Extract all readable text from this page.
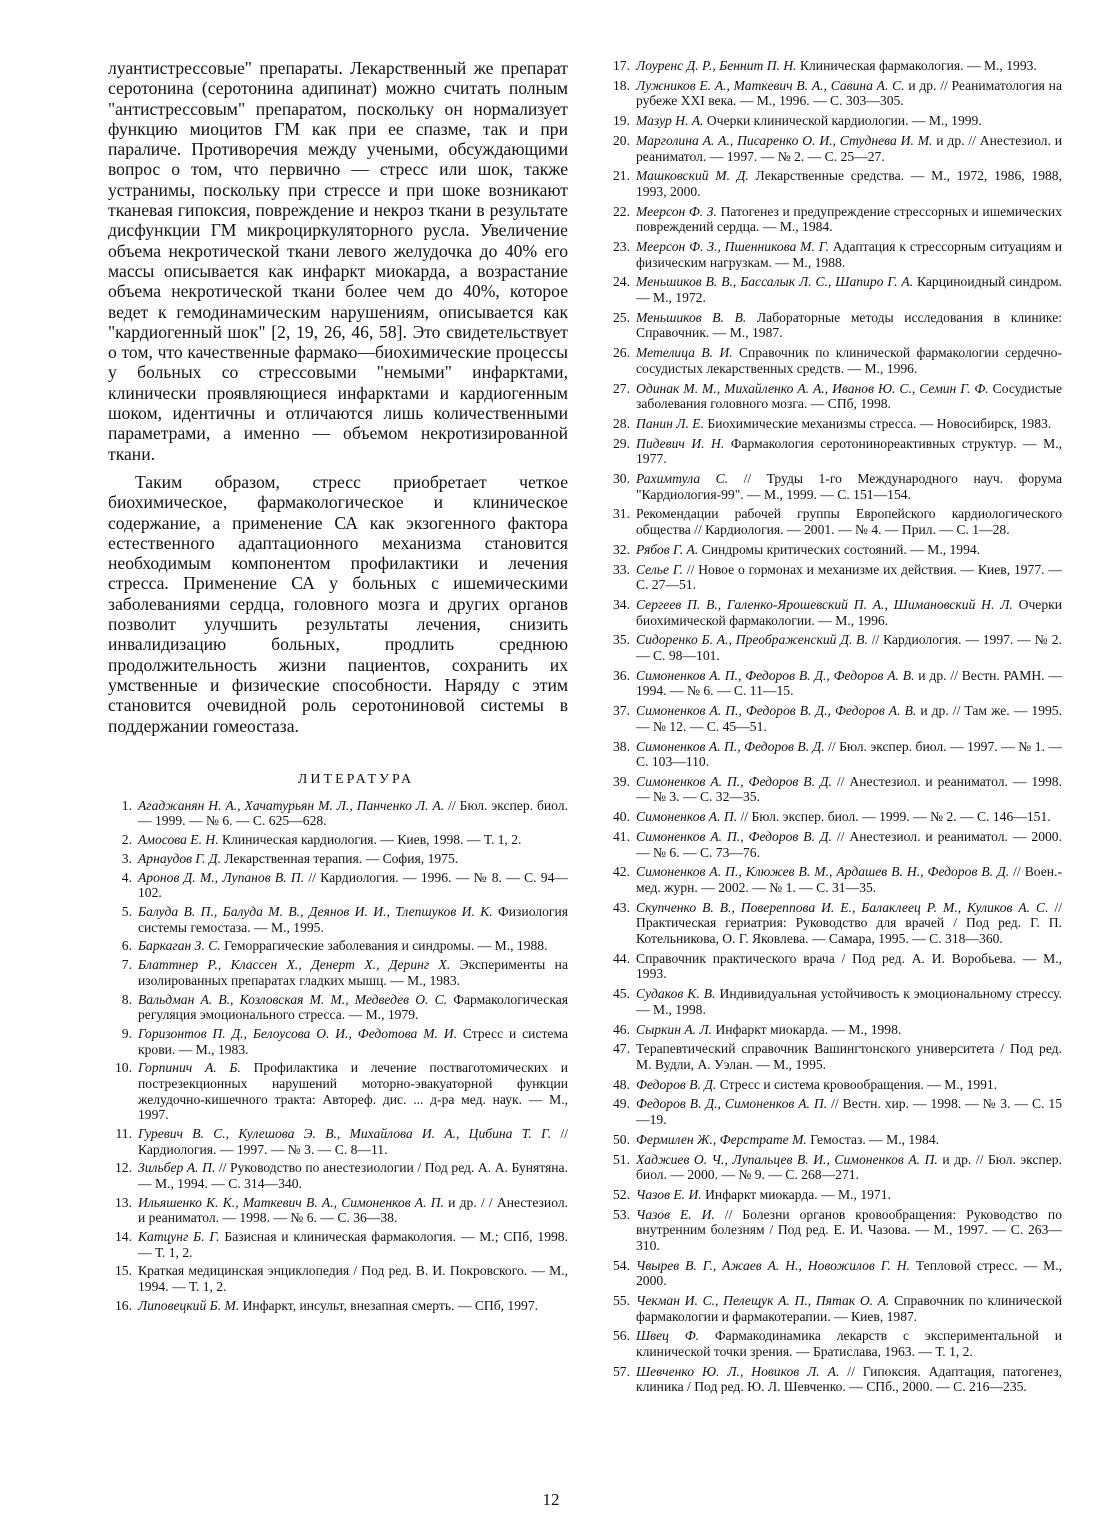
луантистрессовые" препараты. Лекарственный же препарат серотонина (серотонина адипинат) можно считать полным "антистрессовым" препаратом, поскольку он нормализует функцию миоцитов ГМ как при ее спазме, так и при параличе. Противоречия между учеными, обсуждающими вопрос о том, что первично — стресс или шок, также устранимы, поскольку при стрессе и при шоке возникают тканевая гипоксия, повреждение и некроз ткани в результате дисфункции ГМ микроциркуляторного русла. Увеличение объема некротической ткани левого желудочка до 40% его массы описывается как инфаркт миокарда, а возрастание объема некротической ткани более чем до 40%, которое ведет к гемодинамическим нарушениям, описывается как "кардиогенный шок" [2, 19, 26, 46, 58]. Это свидетельствует о том, что качественные фармако—биохимические процессы у больных со стрессовыми "немыми" инфарктами, клинически проявляющиеся инфарктами и кардиогенным шоком, идентичны и отличаются лишь количественными параметрами, а именно — объемом некротизированной ткани.

Таким образом, стресс приобретает четкое биохимическое, фармакологическое и клиническое содержание, а применение СА как экзогенного фактора естественного адаптационного механизма становится необходимым компонентом профилактики и лечения стресса. Применение СА у больных с ишемическими заболеваниями сердца, головного мозга и других органов позволит улучшить результаты лечения, снизить инвалидизацию больных, продлить среднюю продолжительность жизни пациентов, сохранить их умственные и физические способности. Наряду с этим становится очевидной роль серотониновой системы в поддержании гомеостаза.

ЛИТЕРАТУРА
1. Агаджанян Н. А., Хачатурьян М. Л., Панченко Л. А. // Бюл. экспер. биол. — 1999. — № 6. — С. 625—628.
2. Амосова Е. Н. Клиническая кардиология. — Киев, 1998. — Т. 1, 2.
3. Арнаудов Г. Д. Лекарственная терапия. — София, 1975.
4. Аронов Д. М., Лупанов В. П. // Кардиология. — 1996. — № 8. — С. 94—102.
5. Балуда В. П., Балуда М. В., Деянов И. И., Тлепшуков И. К. Физиология системы гемостаза. — М., 1995.
6. Баркаган З. С. Геморрагические заболевания и синдромы. — М., 1988.
7. Блаттнер Р., Классен Х., Денерт Х., Деринг Х. Эксперименты на изолированных препаратах гладких мышц. — М., 1983.
8. Вальдман А. В., Козловская М. М., Медведев О. С. Фармакологическая регуляция эмоционального стресса. — М., 1979.
9. Горизонтов П. Д., Белоусова О. И., Федотова М. И. Стресс и система крови. — М., 1983.
10. Горпинич А. Б. Профилактика и лечение постваготомических и пострезекционных нарушений моторно-эвакуаторной функции желудочно-кишечного тракта: Автореф. дис. ... д-ра мед. наук. — М., 1997.
11. Гуревич В. С., Кулешова Э. В., Михайлова И. А., Цибина Т. Г. // Кардиология. — 1997. — № 3. — С. 8—11.
12. Зильбер А. П. // Руководство по анестезиологии / Под ред. А. А. Бунятяна. — М., 1994. — С. 314—340.
13. Ильяшенко К. К., Маткевич В. А., Симоненков А. П. и др. / / Анестезиол. и реаниматол. — 1998. — № 6. — С. 36—38.
14. Катцунг Б. Г. Базисная и клиническая фармакология. — М.; СПб, 1998. — Т. 1, 2.
15. Краткая медицинская энциклопедия / Под ред. В. И. Покровского. — М., 1994. — Т. 1, 2.
16. Липовецкий Б. М. Инфаркт, инсульт, внезапная смерть. — СПб, 1997.
17. Лоуренс Д. Р., Беннит П. Н. Клиническая фармакология. — М., 1993.
18. Лужников Е. А., Маткевич В. А., Савина А. С. и др. // Реаниматология на рубеже XXI века. — М., 1996. — С. 303—305.
19. Мазур Н. А. Очерки клинической кардиологии. — М., 1999.
20. Марголина А. А., Писаренко О. И., Студнева И. М. и др. // Анестезиол. и реаниматол. — 1997. — № 2. — С. 25—27.
21. Машковский М. Д. Лекарственные средства. — М., 1972, 1986, 1988, 1993, 2000.
22. Меерсон Ф. З. Патогенез и предупреждение стрессорных и ишемических повреждений сердца. — М., 1984.
23. Меерсон Ф. З., Пшенникова М. Г. Адаптация к стрессорным ситуациям и физическим нагрузкам. — М., 1988.
24. Меньшиков В. В., Бассалык Л. С., Шапиро Г. А. Карциноидный синдром. — М., 1972.
25. Меньшиков В. В. Лабораторные методы исследования в клинике: Справочник. — М., 1987.
26. Метелица В. И. Справочник по клинической фармакологии сердечно-сосудистых лекарственных средств. — М., 1996.
27. Одинак М. М., Михайленко А. А., Иванов Ю. С., Семин Г. Ф. Сосудистые заболевания головного мозга. — СПб, 1998.
28. Панин Л. Е. Биохимические механизмы стресса. — Новосибирск, 1983.
29. Пидевич И. Н. Фармакология серотонинореактивных структур. — М., 1977.
30. Рахимтула С. // Труды 1-го Международного науч. форума "Кардиология-99". — М., 1999. — С. 151—154.
31. Рекомендации рабочей группы Европейского кардиологического общества // Кардиология. — 2001. — № 4. — Прил. — С. 1—28.
32. Рябов Г. А. Синдромы критических состояний. — М., 1994.
33. Селье Г. // Новое о гормонах и механизме их действия. — Киев, 1977. — С. 27—51.
34. Сергеев П. В., Галенко-Ярошевский П. А., Шимановский Н. Л. Очерки биохимической фармакологии. — М., 1996.
35. Сидоренко Б. А., Преображенский Д. В. // Кардиология. — 1997. — № 2. — С. 98—101.
36. Симоненков А. П., Федоров В. Д., Федоров А. В. и др. // Вестн. РАМН. — 1994. — № 6. — С. 11—15.
37. Симоненков А. П., Федоров В. Д., Федоров А. В. и др. // Там же. — 1995. — № 12. — С. 45—51.
38. Симоненков А. П., Федоров В. Д. // Бюл. экспер. биол. — 1997. — № 1. — С. 103—110.
39. Симоненков А. П., Федоров В. Д. // Анестезиол. и реаниматол. — 1998. — № 3. — С. 32—35.
40. Симоненков А. П. // Бюл. экспер. биол. — 1999. — № 2. — С. 146—151.
41. Симоненков А. П., Федоров В. Д. // Анестезиол. и реаниматол. — 2000. — № 6. — С. 73—76.
42. Симоненков А. П., Клюжев В. М., Ардашев В. Н., Федоров В. Д. // Воен.-мед. журн. — 2002. — № 1. — С. 31—35.
43. Скупченко В. В., Поверennова И. Е., Балаклеец Р. М., Куликов А. С. // Практическая гериатрия: Руководство для врачей / Под ред. Г. П. Котельникова, О. Г. Яковлева. — Самара, 1995. — С. 318—360.
44. Справочник практического врача / Под ред. А. И. Воробьева. — М., 1993.
45. Судаков К. В. Индивидуальная устойчивость к эмоциональному стрессу. — М., 1998.
46. Сыркин А. Л. Инфаркт миокарда. — М., 1998.
47. Терапевтический справочник Вашингтонского университета / Под ред. М. Вудли, А. Уэлан. — М., 1995.
48. Федоров В. Д. Стресс и система кровообращения. — М., 1991.
49. Федоров В. Д., Симоненков А. П. // Вестн. хир. — 1998. — № 3. — С. 15—19.
50. Фермилен Ж., Ферстрате М. Гемостаз. — М., 1984.
51. Хаджиев О. Ч., Лупальцев В. И., Симоненков А. П. и др. // Бюл. экспер. биол. — 2000. — № 9. — С. 268—271.
52. Чазов Е. И. Инфаркт миокарда. — М., 1971.
53. Чазов Е. И. // Болезни органов кровообращения: Руководство по внутренним болезням / Под ред. Е. И. Чазова. — М., 1997. — С. 263—310.
54. Чвырев В. Г., Ажаев А. Н., Новожилов Г. Н. Тепловой стресс. — М., 2000.
55. Чекман И. С., Пелещук А. П., Пятак О. А. Справочник по клинической фармакологии и фармакотерапии. — Киев, 1987.
56. Швец Ф. Фармакодинамика лекарств с экспериментальной и клинической точки зрения. — Братислава, 1963. — Т. 1, 2.
57. Шевченко Ю. Л., Новиков Л. А. // Гипоксия. Адаптация, патогенез, клиника / Под ред. Ю. Л. Шевченко. — СПб., 2000. — С. 216—235.
12
